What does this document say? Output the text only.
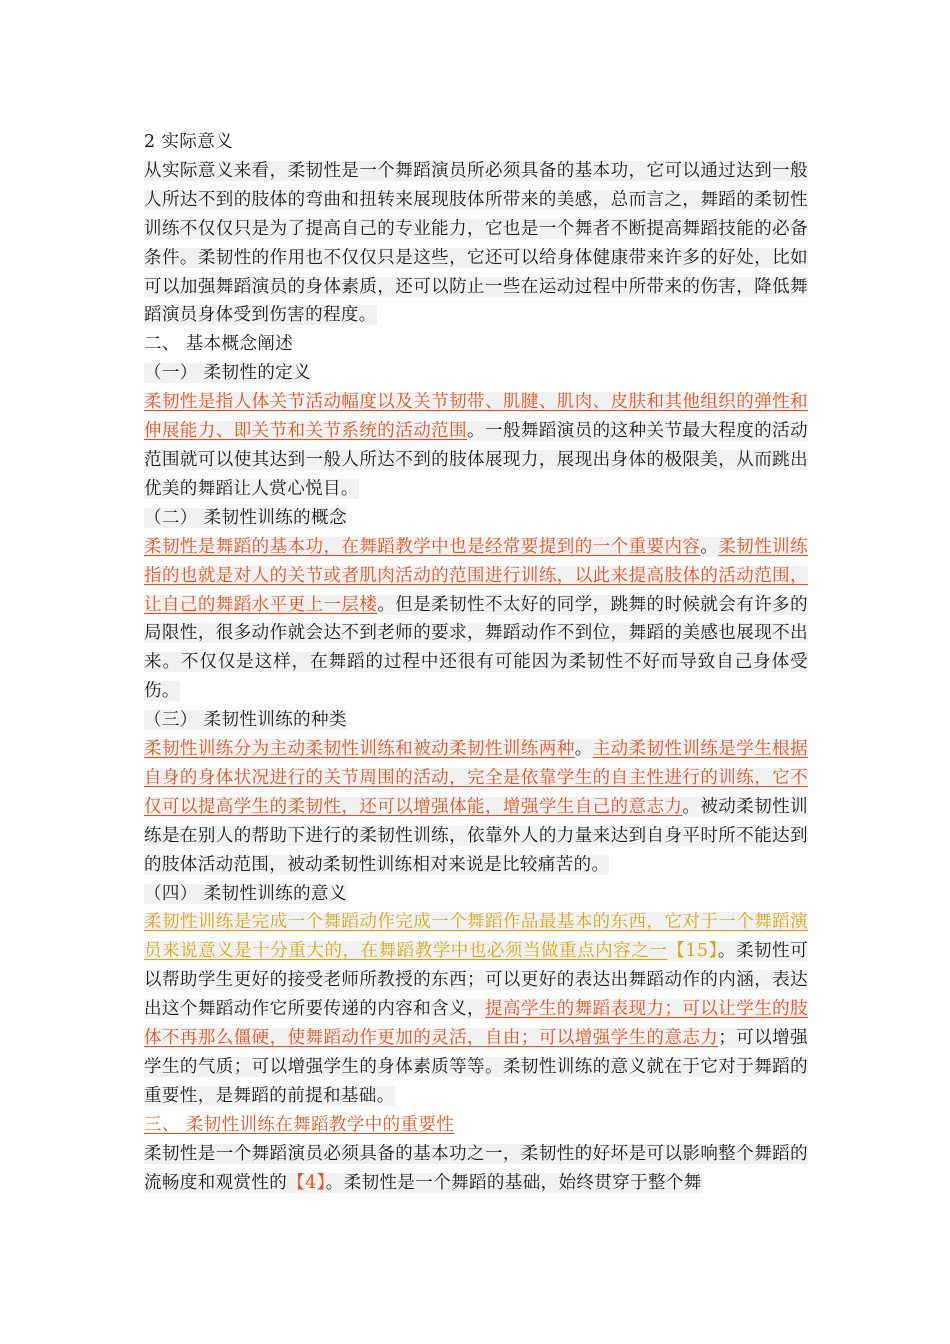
2 实际意义
从实际意义来看，柔韧性是一个舞蹈演员所必须具备的基本功，它可以通过达到一般人所达不到的肢体的弯曲和扭转来展现肢体所带来的美感，总而言之，舞蹈的柔韧性训练不仅仅只是为了提高自己的专业能力，它也是一个舞者不断提高舞蹈技能的必备条件。柔韧性的作用也不仅仅只是这些，它还可以给身体健康带来许多的好处，比如可以加强舞蹈演员的身体素质，还可以防止一些在运动过程中所带来的伤害，降低舞蹈演员身体受到伤害的程度。
二、 基本概念阐述
（一） 柔韧性的定义
柔韧性是指人体关节活动幅度以及关节韧带、肌腱、肌肉、皮肤和其他组织的弹性和伸展能力、即关节和关节系统的活动范围。一般舞蹈演员的这种关节最大程度的活动范围就可以使其达到一般人所达不到的肢体展现力，展现出身体的极限美，从而跳出优美的舞蹈让人赏心悦目。
（二） 柔韧性训练的概念
柔韧性是舞蹈的基本功，在舞蹈教学中也是经常要提到的一个重要内容。柔韧性训练指的也就是对人的关节或者肌肉活动的范围进行训练，以此来提高肢体的活动范围，让自己的舞蹈水平更上一层楼。但是柔韧性不太好的同学，跳舞的时候就会有许多的局限性，很多动作就会达不到老师的要求，舞蹈动作不到位，舞蹈的美感也展现不出来。不仅仅是这样，在舞蹈的过程中还很有可能因为柔韧性不好而导致自己身体受伤。
（三） 柔韧性训练的种类
柔韧性训练分为主动柔韧性训练和被动柔韧性训练两种。主动柔韧性训练是学生根据自身的身体状况进行的关节周围的活动，完全是依靠学生的自主性进行的训练，它不仅可以提高学生的柔韧性，还可以增强体能，增强学生自己的意志力。被动柔韧性训练是在别人的帮助下进行的柔韧性训练，依靠外人的力量来达到自身平时所不能达到的肢体活动范围，被动柔韧性训练相对来说是比较痛苦的。
（四） 柔韧性训练的意义
柔韧性训练是完成一个舞蹈动作完成一个舞蹈作品最基本的东西，它对于一个舞蹈演员来说意义是十分重大的，在舞蹈教学中也必须当做重点内容之一【15】。柔韧性可以帮助学生更好的接受老师所教授的东西；可以更好的表达出舞蹈动作的内涵，表达出这个舞蹈动作它所要传递的内容和含义，提高学生的舞蹈表现力；可以让学生的肢体不再那么僵硬，使舞蹈动作更加的灵活，自由；可以增强学生的意志力；可以增强学生的气质；可以增强学生的身体素质等等。柔韧性训练的意义就在于它对于舞蹈的重要性，是舞蹈的前提和基础。
三、 柔韧性训练在舞蹈教学中的重要性
柔韧性是一个舞蹈演员必须具备的基本功之一，柔韧性的好坏是可以影响整个舞蹈的流畅度和观赏性的【4】。柔韧性是一个舞蹈的基础，始终贯穿于整个舞
